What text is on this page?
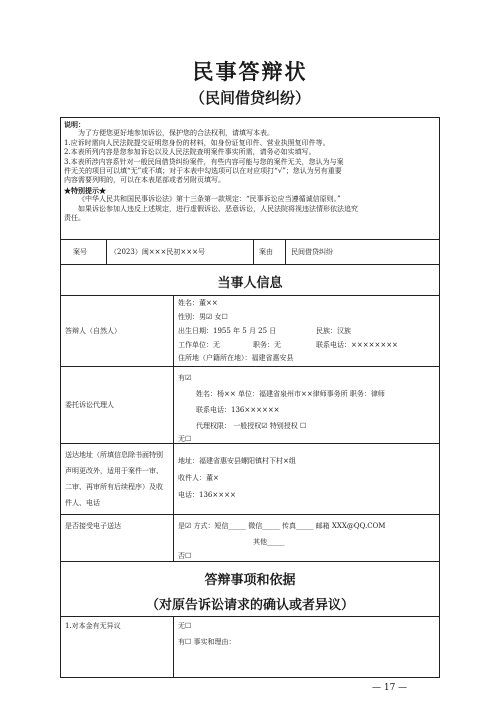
民事答辩状
（民间借贷纠纷）
说明：
为了方便您更好地参加诉讼，保护您的合法权利，请填写本表。
1.应诉时需向人民法院提交证明您身份的材料，如身份证复印件、营业执照复印件等。
2.本表所列内容是您参加诉讼以及人民法院查明案件事实所需，请务必如实填写。
3.本表所涉内容系针对一般民间借贷纠纷案件，有些内容可能与您的案件无关，您认为与案
件无关的项目可以填“无”或不填；对于本表中勾选项可以在对应项打“√”；您认为另有重要
内容需要列明的，可以在本表尾部或者另附页填写。
★特别提示★
《中华人民共和国民事诉讼法》第十三条第一款规定：“民事诉讼应当遵循诚信原则。”
如果诉讼参加人违反上述规定，进行虚假诉讼、恶意诉讼，人民法院将视违法情形依法追究
责任。
案号	（2023）闽×××民初×××号	案由	民间借贷纠纷
当事人信息
答辩人（自然人）
姓名：董××
性别：男☑ 女☐
出生日期：1955 年 5 月 25 日	民族：汉族
工作单位：无	职务：无	联系电话：××××××××
住所地（户籍所在地）：福建省惠安县
委托诉讼代理人
有☑
姓名：杨×× 单位：福建省泉州市××律师事务所 职务：律师
联系电话：136××××××
代理权限： 一般授权☑ 特别授权 ☐
无☐
送达地址（所填信息除书面特别
声明更改外，适用于案件一审、
二审、再审所有后续程序）及收
件人、电话
地址：福建省惠安县螺阳镇村下村×组
收件人：董×
电话：136××××
是否接受电子送达	是☑ 方式：短信_____ 微信_____ 传真_____ 邮箱 XXX@QQ.COM
其他_____
否☐
答辩事项和依据
（对原告诉讼请求的确认或者异议）
1.对本金有无异议	无☐
有☐ 事实和理由：
— 17 —
